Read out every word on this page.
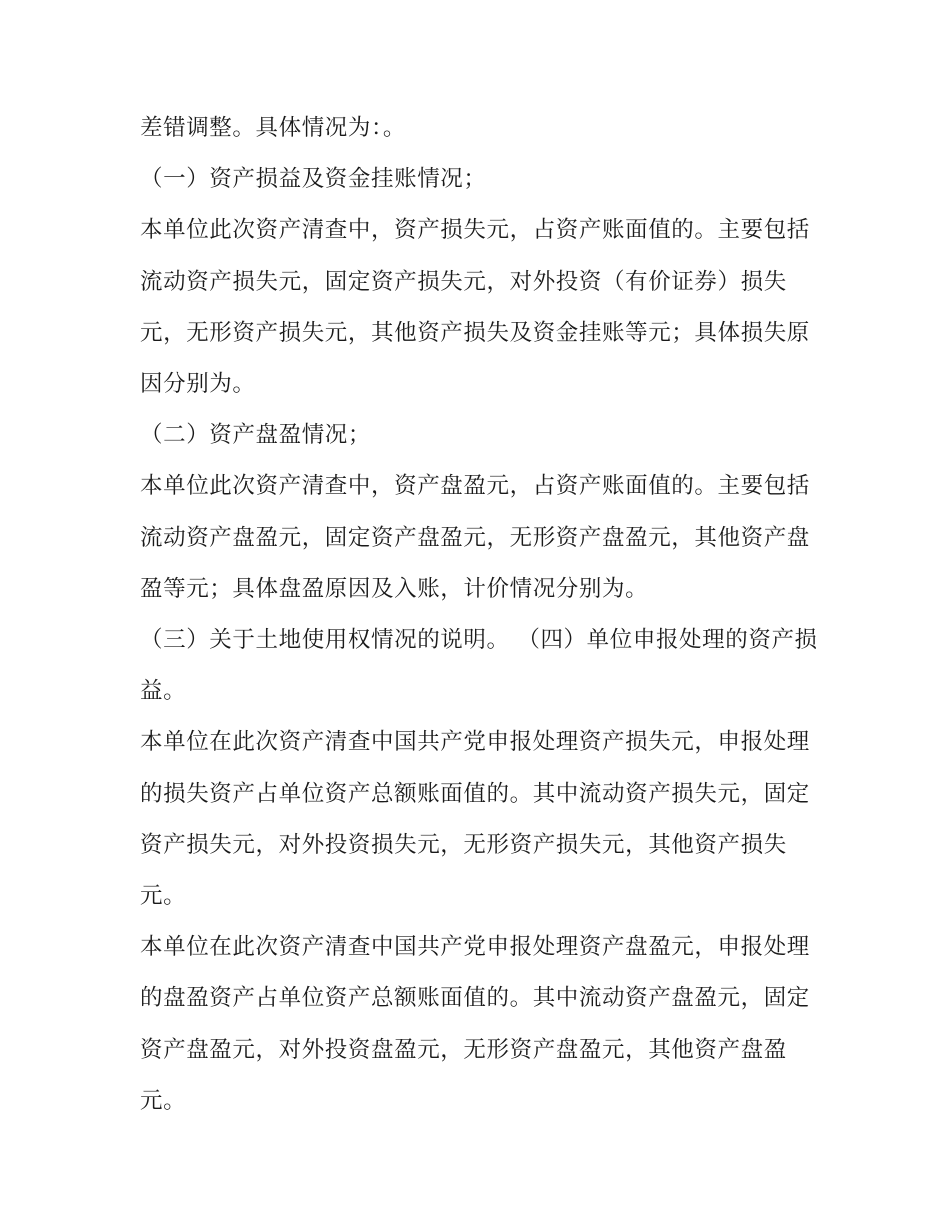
差错调整。具体情况为：。

（一）资产损益及资金挂账情况；

本单位此次资产清查中，资产损失元，占资产账面值的。主要包括流动资产损失元，固定资产损失元，对外投资（有价证券）损失元，无形资产损失元，其他资产损失及资金挂账等元；具体损失原因分别为。

（二）资产盘盈情况；

本单位此次资产清查中，资产盘盈元，占资产账面值的。主要包括流动资产盘盈元，固定资产盘盈元，无形资产盘盈元，其他资产盘盈等元；具体盘盈原因及入账，计价情况分别为。

（三）关于土地使用权情况的说明。 （四）单位申报处理的资产损益。

本单位在此次资产清查中国共产党申报处理资产损失元，申报处理的损失资产占单位资产总额账面值的。其中流动资产损失元，固定资产损失元，对外投资损失元，无形资产损失元，其他资产损失元。

本单位在此次资产清查中国共产党申报处理资产盘盈元，申报处理的盘盈资产占单位资产总额账面值的。其中流动资产盘盈元，固定资产盘盈元，对外投资盘盈元，无形资产盘盈元，其他资产盘盈元。
